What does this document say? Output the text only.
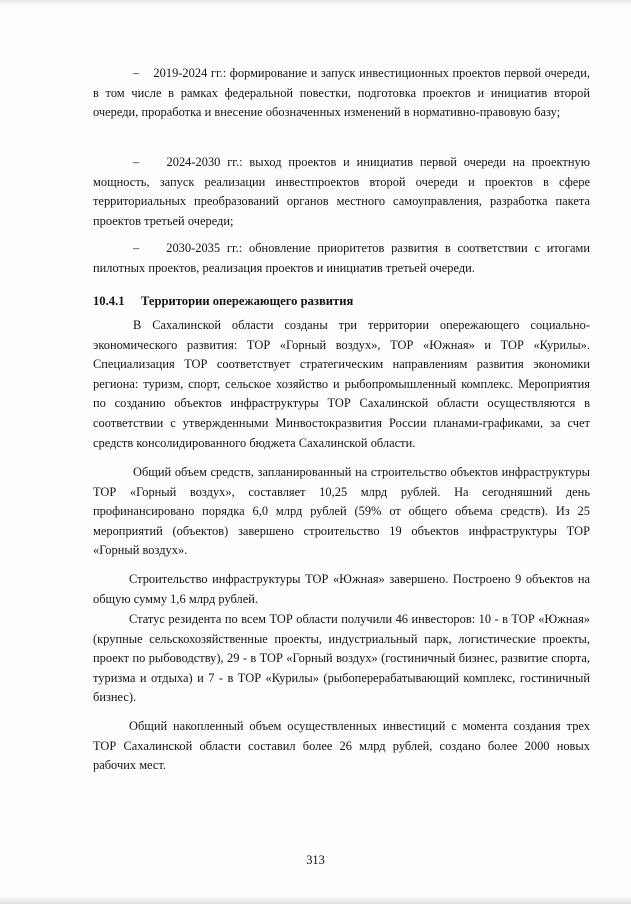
–    2019-2024 гг.: формирование и запуск инвестиционных проектов первой очереди, в том числе в рамках федеральной повестки, подготовка проектов и инициатив второй очереди, проработка и внесение обозначенных изменений в нормативно-правовую базу;

–    2024-2030 гг.: выход проектов и инициатив первой очереди на проектную мощность, запуск реализации инвестпроектов второй очереди и проектов в сфере территориальных преобразований органов местного самоуправления, разработка пакета проектов третьей очереди;

–    2030-2035 гг.: обновление приоритетов развития в соответствии с итогами пилотных проектов, реализация проектов и инициатив третьей очереди.

10.4.1 Территории опережающего развития

В Сахалинской области созданы три территории опережающего социально-экономического развития: ТОР «Горный воздух», ТОР «Южная» и ТОР «Курилы». Специализация ТОР соответствует стратегическим направлениям развития экономики региона: туризм, спорт, сельское хозяйство и рыбопромышленный комплекс. Мероприятия по созданию объектов инфраструктуры ТОР Сахалинской области осуществляются в соответствии с утвержденными Минвостокразвития России планами-графиками, за счет средств консолидированного бюджета Сахалинской области.

Общий объем средств, запланированный на строительство объектов инфраструктуры ТОР «Горный воздух», составляет 10,25 млрд рублей. На сегодняшний день профинансировано порядка 6,0 млрд рублей (59% от общего объема средств). Из 25 мероприятий (объектов) завершено строительство 19 объектов инфраструктуры ТОР «Горный воздух».

Строительство инфраструктуры ТОР «Южная» завершено. Построено 9 объектов на общую сумму 1,6 млрд рублей.

Статус резидента по всем ТОР области получили 46 инвесторов: 10 - в ТОР «Южная» (крупные сельскохозяйственные проекты, индустриальный парк, логистические проекты, проект по рыбоводству), 29 - в ТОР «Горный воздух» (гостиничный бизнес, развитие спорта, туризма и отдыха) и 7 - в ТОР «Курилы» (рыбоперерабатывающий комплекс, гостиничный бизнес).

Общий накопленный объем осуществленных инвестиций с момента создания трех ТОР Сахалинской области составил более 26 млрд рублей, создано более 2000 новых рабочих мест.

313
